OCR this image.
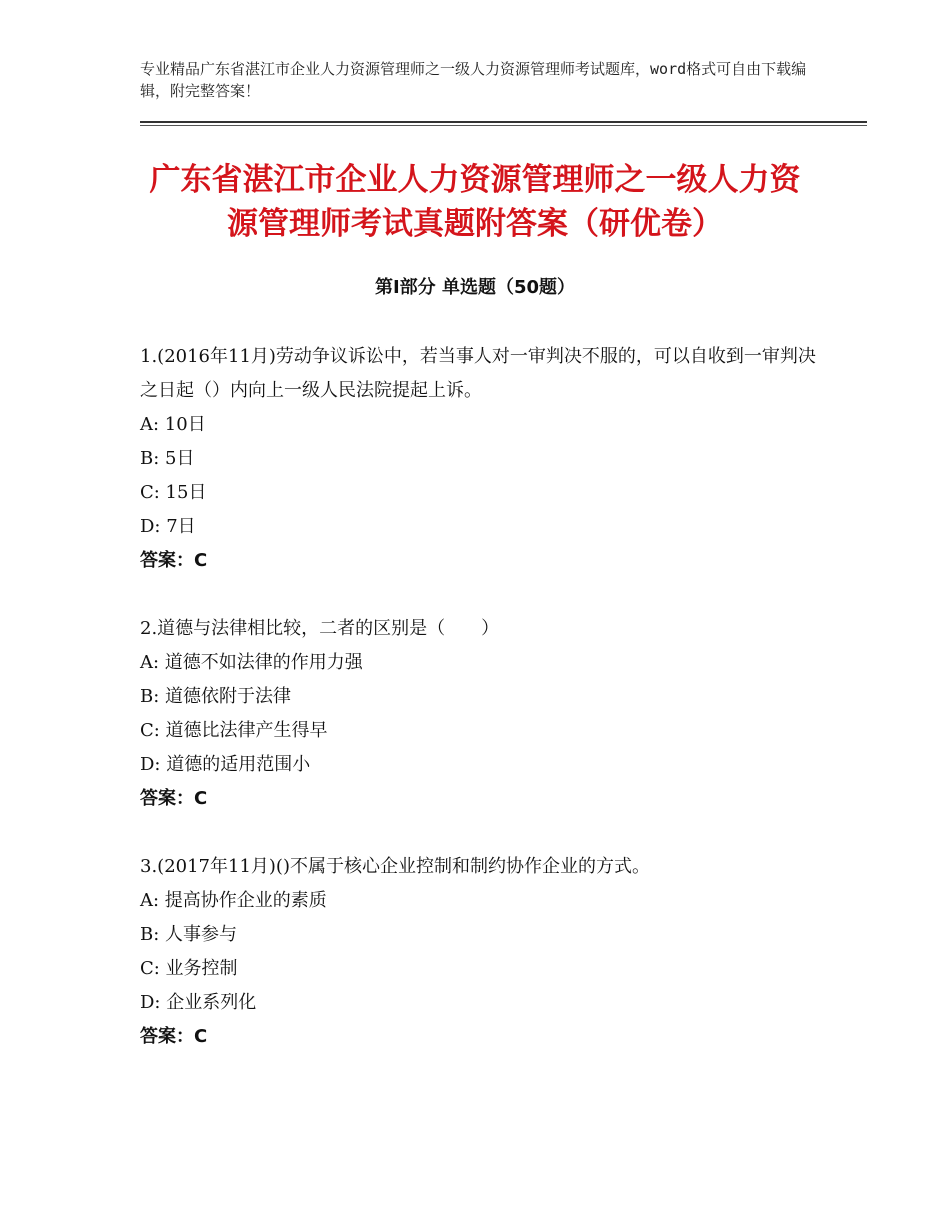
专业精品广东省湛江市企业人力资源管理师之一级人力资源管理师考试题库，word格式可自由下载编辑，附完整答案！
广东省湛江市企业人力资源管理师之一级人力资源管理师考试真题附答案（研优卷）
第Ⅰ部分 单选题（50题）

1.(2016年11月)劳动争议诉讼中，若当事人对一审判决不服的，可以自收到一审判决之日起（）内向上一级人民法院提起上诉。

A: 10日

B: 5日

C: 15日

D: 7日

答案：C

2.道德与法律相比较，二者的区别是（　　）

A: 道德不如法律的作用力强

B: 道德依附于法律

C: 道德比法律产生得早

D: 道德的适用范围小

答案：C

3.(2017年11月)()不属于核心企业控制和制约协作企业的方式。

A: 提高协作企业的素质

B: 人事参与

C: 业务控制

D: 企业系列化

答案：C
